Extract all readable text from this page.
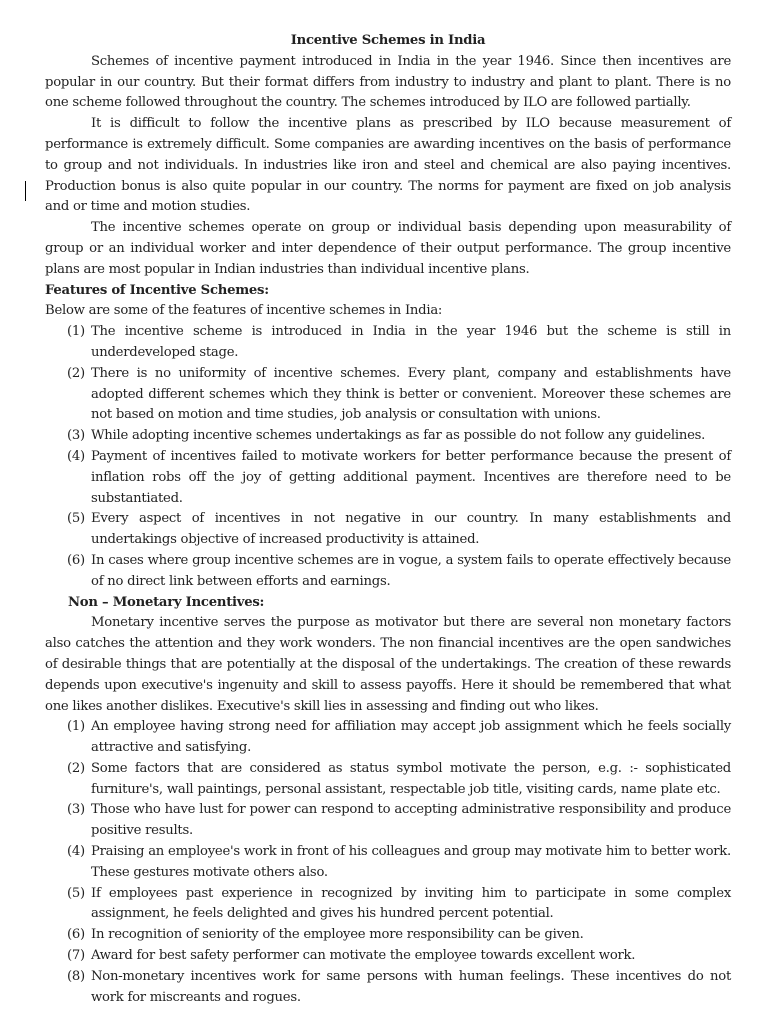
Incentive Schemes in India

Schemes of incentive payment introduced in India in the year 1946. Since then incentives are popular in our country. But their format differs from industry to industry and plant to plant. There is no one scheme followed throughout the country. The schemes introduced by ILO are followed partially.

It is difficult to follow the incentive plans as prescribed by ILO because measurement of performance is extremely difficult. Some companies are awarding incentives on the basis of performance to group and not individuals. In industries like iron and steel and chemical are also paying incentives. Production bonus is also quite popular in our country. The norms for payment are fixed on job analysis and or time and motion studies.

The incentive schemes operate on group or individual basis depending upon measurability of group or an individual worker and inter dependence of their output performance. The group incentive plans are most popular in Indian industries than individual incentive plans.

Features of Incentive Schemes:

Below are some of the features of incentive schemes in India:

(1) The incentive scheme is introduced in India in the year 1946 but the scheme is still in underdeveloped stage.
(2) There is no uniformity of incentive schemes. Every plant, company and establishments have adopted different schemes which they think is better or convenient. Moreover these schemes are not based on motion and time studies, job analysis or consultation with unions.
(3) While adopting incentive schemes undertakings as far as possible do not follow any guidelines.
(4) Payment of incentives failed to motivate workers for better performance because the present of inflation robs off the joy of getting additional payment. Incentives are therefore need to be substantiated.
(5) Every aspect of incentives in not negative in our country. In many establishments and undertakings objective of increased productivity is attained.
(6) In cases where group incentive schemes are in vogue, a system fails to operate effectively because of no direct link between efforts and earnings.

Non – Monetary Incentives:

Monetary incentive serves the purpose as motivator but there are several non monetary factors also catches the attention and they work wonders. The non financial incentives are the open sandwiches of desirable things that are potentially at the disposal of the undertakings. The creation of these rewards depends upon executive's ingenuity and skill to assess payoffs. Here it should be remembered that what one likes another dislikes. Executive's skill lies in assessing and finding out who likes.

(1) An employee having strong need for affiliation may accept job assignment which he feels socially attractive and satisfying.
(2) Some factors that are considered as status symbol motivate the person, e.g. :- sophisticated furniture's, wall paintings, personal assistant, respectable job title, visiting cards, name plate etc.
(3) Those who have lust for power can respond to accepting administrative responsibility and produce positive results.
(4) Praising an employee's work in front of his colleagues and group may motivate him to better work. These gestures motivate others also.
(5) If employees past experience in recognized by inviting him to participate in some complex assignment, he feels delighted and gives his hundred percent potential.
(6) In recognition of seniority of the employee more responsibility can be given.
(7) Award for best safety performer can motivate the employee towards excellent work.
(8) Non-monetary incentives work for same persons with human feelings. These incentives do not work for miscreants and rogues.
